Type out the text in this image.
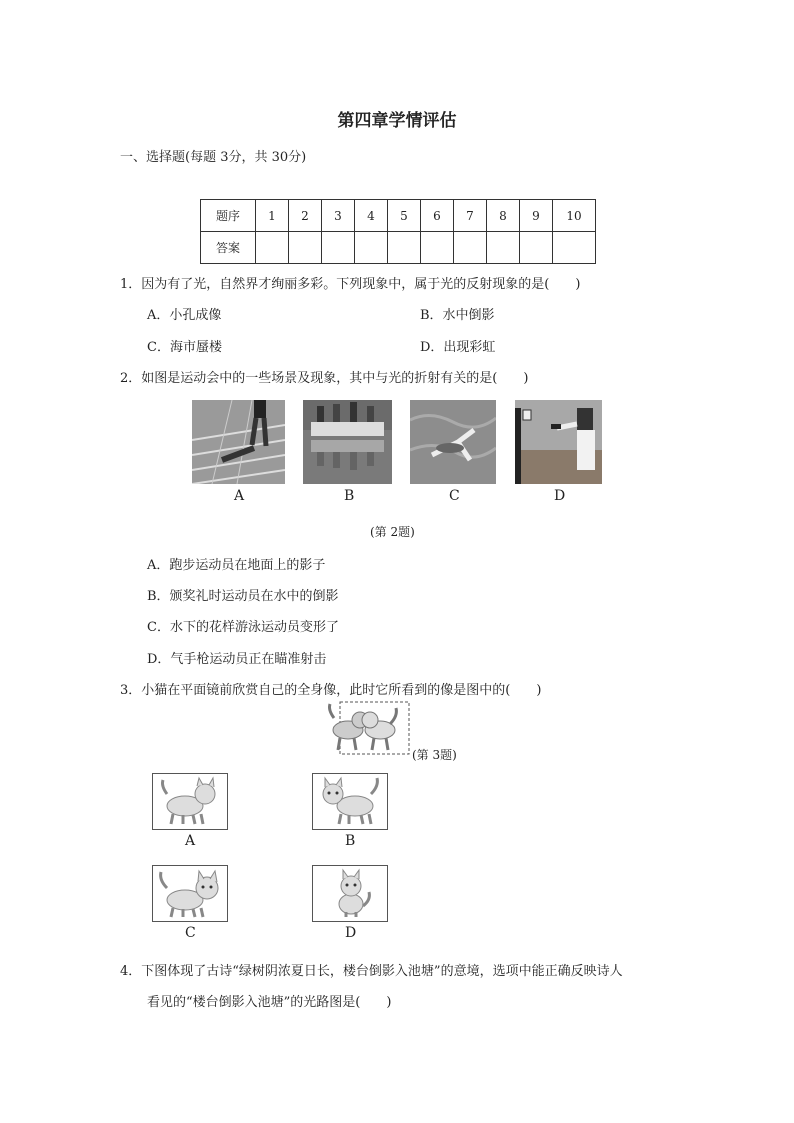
第四章学情评估
一、选择题(每题 3分，共 30分)
题序	1	2	3	4	5	6	7	8	9	10
答案										
1．因为有了光，自然界才绚丽多彩。下列现象中，属于光的反射现象的是(　　)
A．小孔成像	B．水中倒影
C．海市蜃楼	D．出现彩虹
2．如图是运动会中的一些场景及现象，其中与光的折射有关的是(　　)
A	B	C	D
(第 2题)
A．跑步运动员在地面上的影子
B．颁奖礼时运动员在水中的倒影
C．水下的花样游泳运动员变形了
D．气手枪运动员正在瞄准射击
3．小猫在平面镜前欣赏自己的全身像，此时它所看到的像是图中的(　　)
(第 3题)
A	B
C	D
4．下图体现了古诗“绿树阴浓夏日长，楼台倒影入池塘”的意境，选项中能正确反映诗人
看见的“楼台倒影入池塘”的光路图是(　　)
